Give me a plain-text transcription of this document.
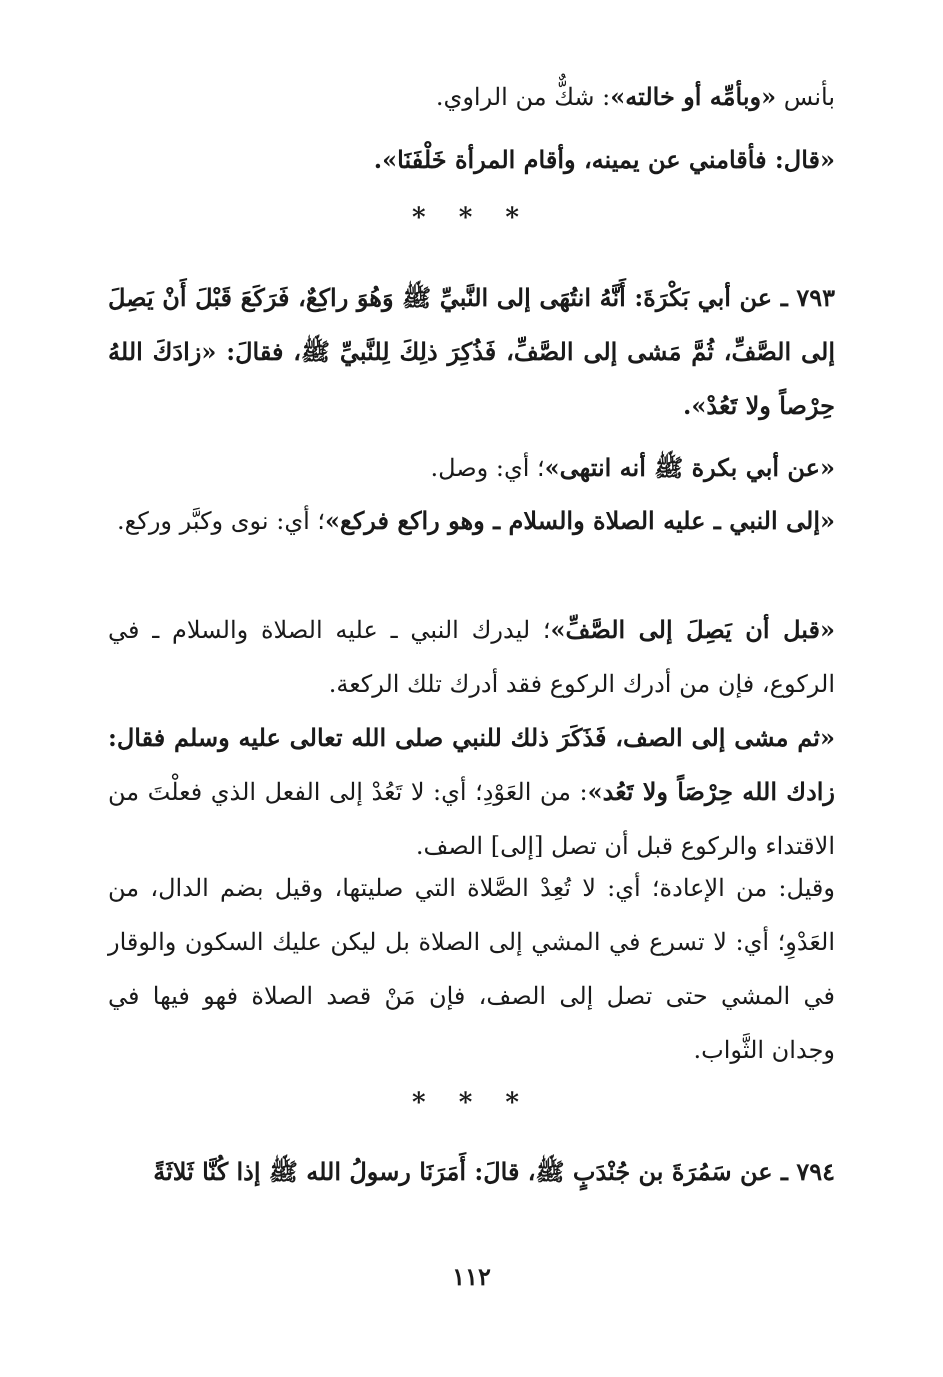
بأنس «وبأمِّه أو خالته»: شكٌّ من الراوي.

«قال: فأقامني عن يمينه، وأقام المرأة خَلْفَنَا».

* * *

٧٩٣ ـ عن أبي بَكْرَةَ: أَنَّهُ انتُهَى إلى النَّبيِّ ﷺ وَهُوَ راكِعٌ، فَرَكَعَ قَبْلَ أَنْ يَصِلَ إلى الصَّفِّ، ثُمَّ مَشى إلى الصَّفِّ، فَذُكِرَ ذلِكَ لِلنَّبيِّ ﷺ، فقالَ: «زادَكَ اللهُ حِرْصاً ولا تَعُدْ».

«عن أبي بكرة ﷺ أنه انتهى»؛ أي: وصل.

«إلى النبي ـ عليه الصلاة والسلام ـ وهو راكع فركع»؛ أي: نوى وكبَّر وركع.

«قبل أن يَصِلَ إلى الصَّفِّ»؛ ليدرك النبي ـ عليه الصلاة والسلام ـ في الركوع، فإن من أدرك الركوع فقد أدرك تلك الركعة.

«ثم مشى إلى الصف، فَذَكَرَ ذلك للنبي صلى الله تعالى عليه وسلم فقال: زادك الله حِرْصَاً ولا تَعُد»: من العَوْدِ؛ أي: لا تَعُدْ إلى الفعل الذي فعلْتَ من الاقتداء والركوع قبل أن تصل [إلى] الصف.

وقيل: من الإعادة؛ أي: لا تُعِدْ الصَّلاة التي صليتها، وقيل بضم الدال، من العَدْوِ؛ أي: لا تسرع في المشي إلى الصلاة بل ليكن عليك السكون والوقار في المشي حتى تصل إلى الصف، فإن مَنْ قصد الصلاة فهو فيها في وجدان الثَّواب.

* * *

٧٩٤ ـ عن سَمُرَةَ بن جُنْدَبٍ ﷺ، قالَ: أَمَرَنَا رسولُ الله ﷺ إذا كُنَّا ثَلاثَةً

١١٢
